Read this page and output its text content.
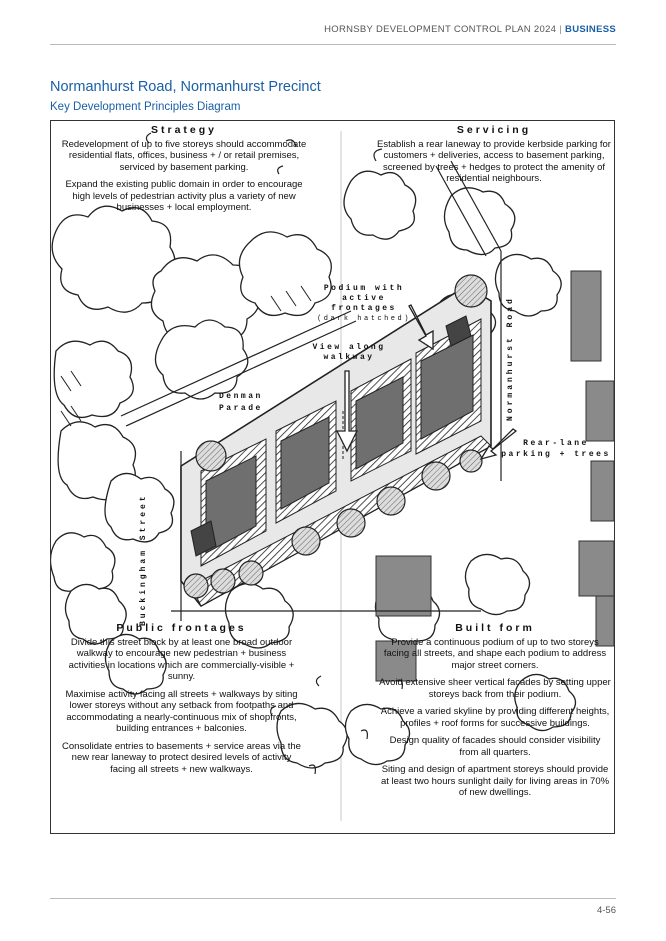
HORNSBY DEVELOPMENT CONTROL PLAN 2024 | BUSINESS
Normanhurst Road, Normanhurst Precinct
Key Development Principles Diagram
Strategy

Redevelopment of up to five storeys should accommodate residential flats, offices, business + / or retail premises, serviced by basement parking.

Expand the existing public domain in order to encourage high levels of pedestrian activity plus a variety of new businesses + local employment.

Servicing

Establish a rear laneway to provide kerbside parking for customers + deliveries, access to basement parking, screened by trees + hedges to protect the amenity of residential neighbours.

Public frontages

Divide this street block by at least one broad outdoor walkway to encourage new pedestrian + business activities in locations which are commercially-visible + sunny.

Maximise activity facing all streets + walkways by siting lower storeys without any setback from footpaths and accommodating a nearly-continuous mix of shopfronts, building entrances + balconies.

Consolidate entries to basements + service areas via the new rear laneway to protect desired levels of activity facing all streets + new walkways.

Built form

Provide a continuous podium of up to two storeys facing all streets, and shape each podium to address major street corners.

Avoid extensive sheer vertical facades by setting upper storeys back from their podium.

Achieve a varied skyline by providing different heights, profiles + roof forms for successive buildings.

Design quality of facades should consider visibility from all quarters.

Siting and design of apartment storeys should provide at least two hours sunlight daily for living areas in 70% of new dwellings.

Podium with active frontages
(dark hatched)
View along walkway
Denman Parade
Rear-lane parking + trees
Normanhurst Road
Buckingham Street
4-56
